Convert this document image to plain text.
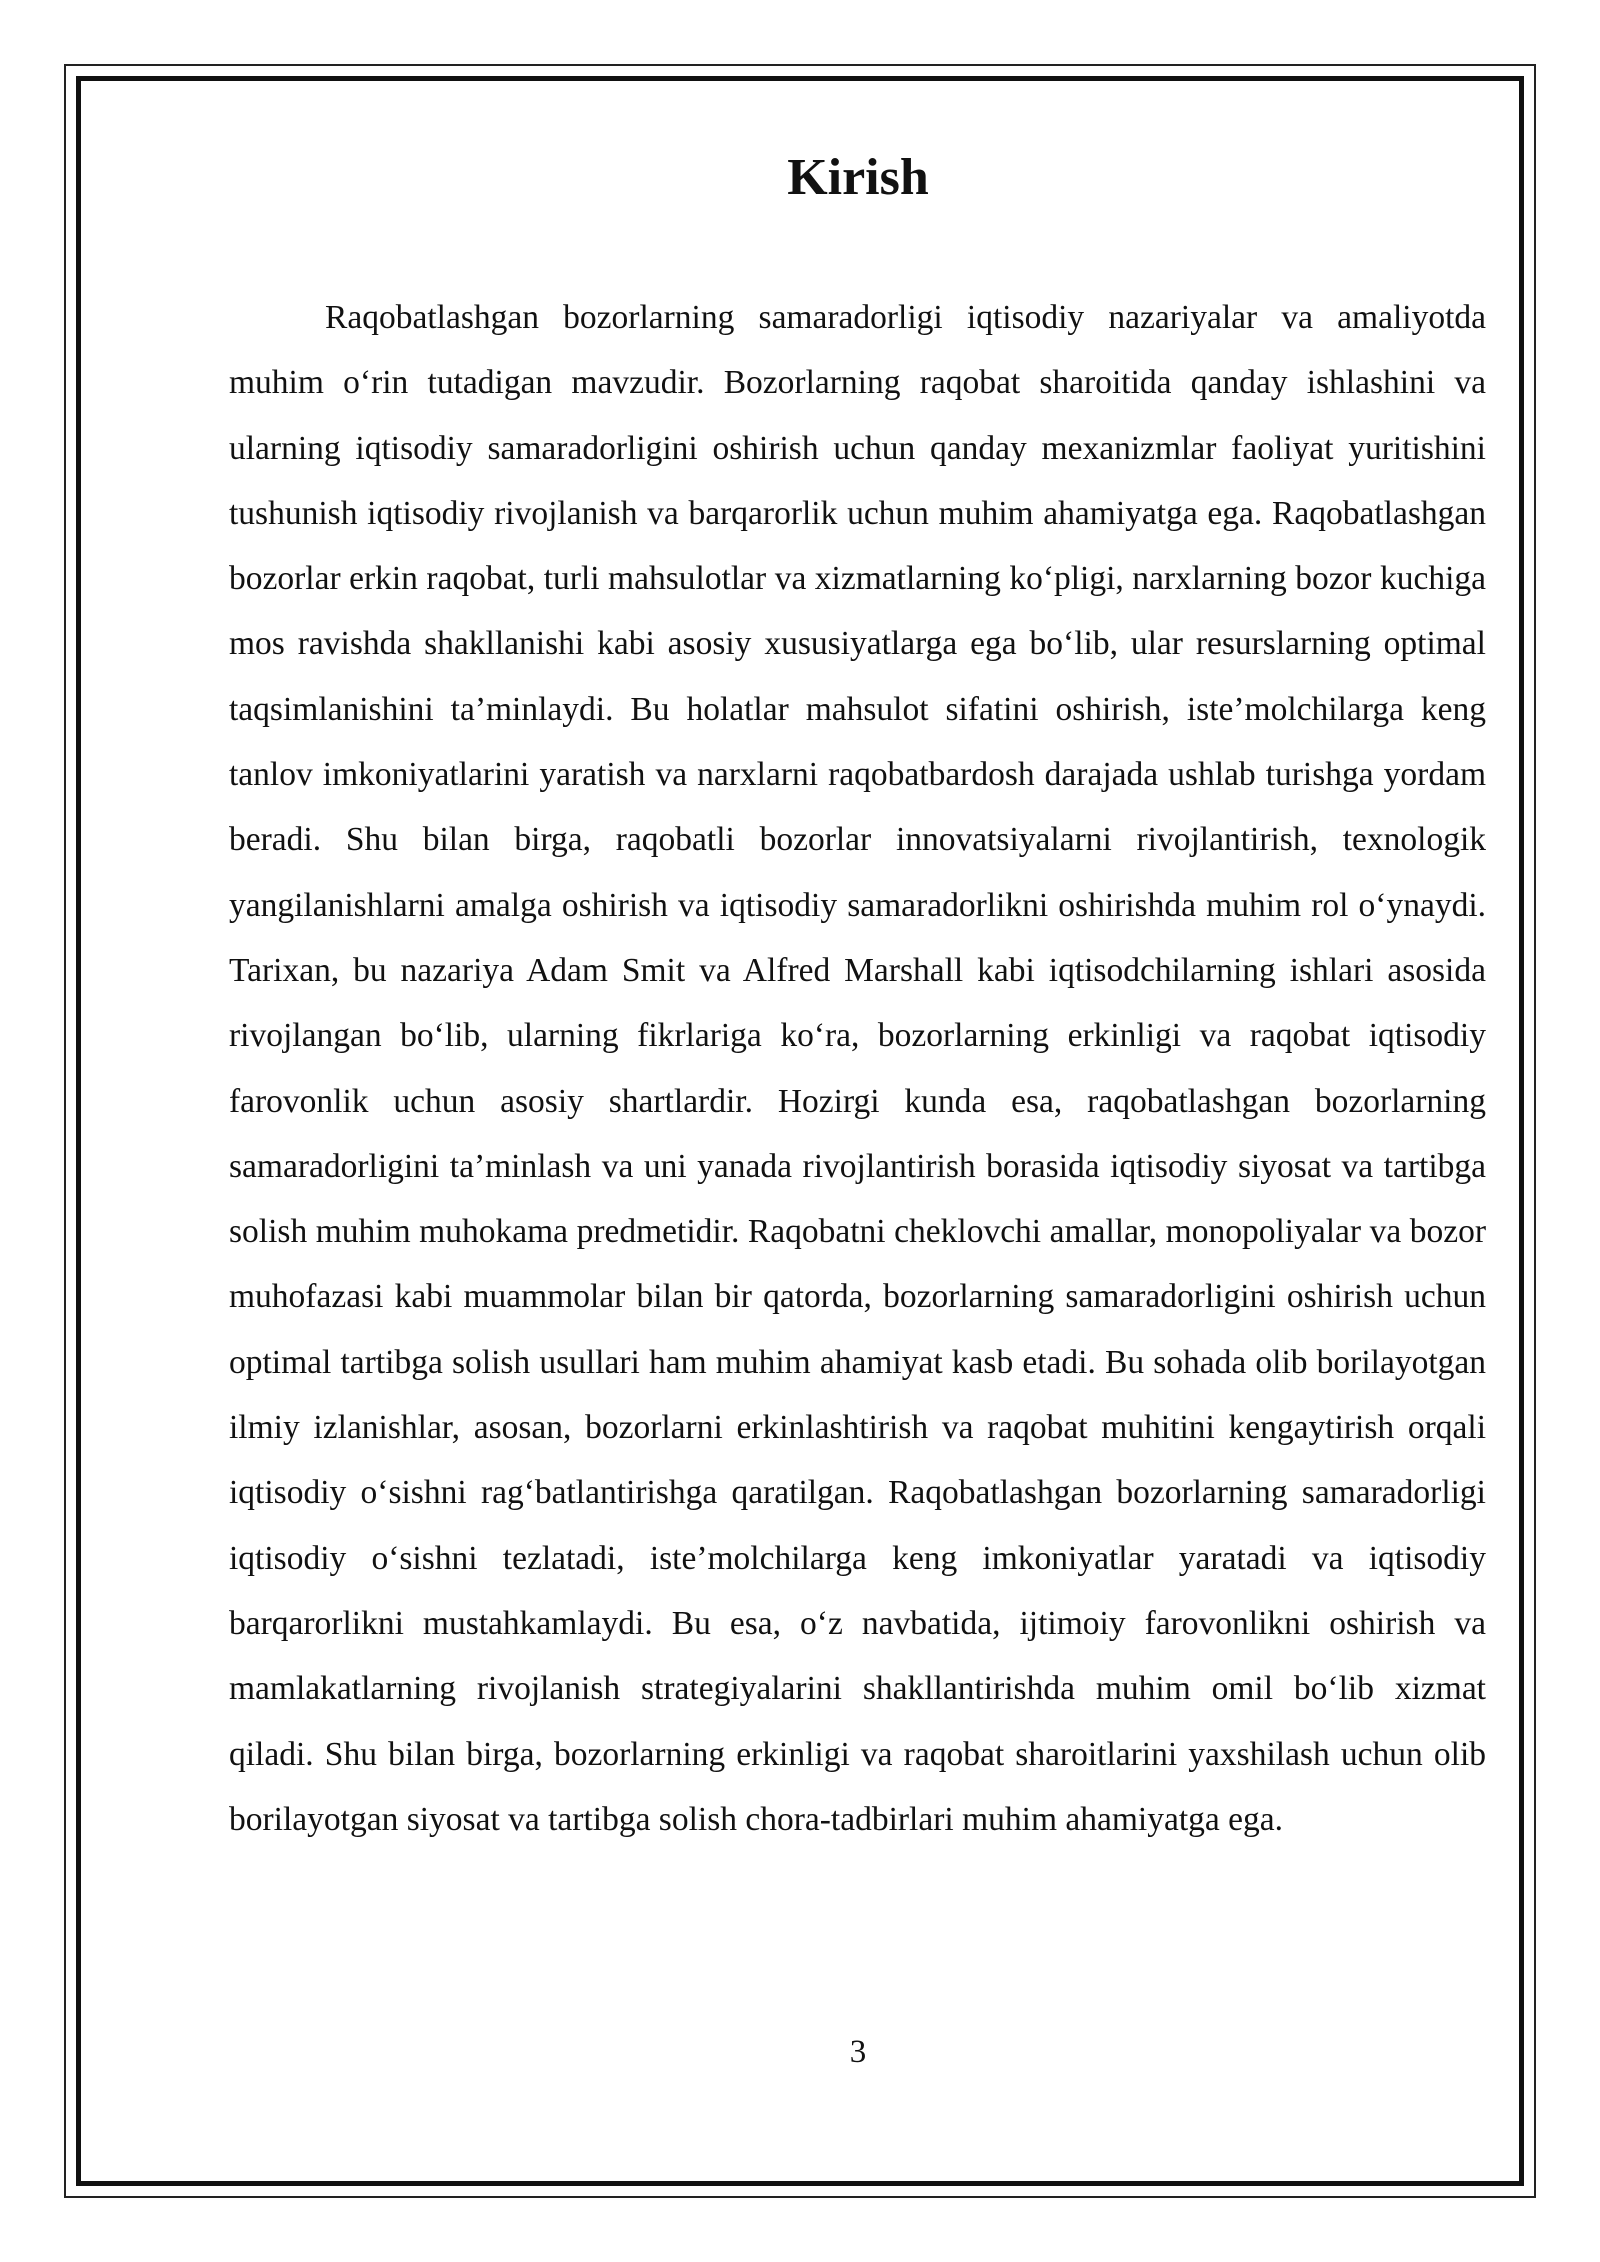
Kirish

Raqobatlashgan bozorlarning samaradorligi iqtisodiy nazariyalar va amaliyotda muhim o‘rin tutadigan mavzudir. Bozorlarning raqobat sharoitida qanday ishlashini va ularning iqtisodiy samaradorligini oshirish uchun qanday mexanizmlar faoliyat yuritishini tushunish iqtisodiy rivojlanish va barqarorlik uchun muhim ahamiyatga ega. Raqobatlashgan bozorlar erkin raqobat, turli mahsulotlar va xizmatlarning ko‘pligi, narxlarning bozor kuchiga mos ravishda shakllanishi kabi asosiy xususiyatlarga ega bo‘lib, ular resurslarning optimal taqsimlanishini ta’minlaydi. Bu holatlar mahsulot sifatini oshirish, iste’molchilarga keng tanlov imkoniyatlarini yaratish va narxlarni raqobatbardosh darajada ushlab turishga yordam beradi. Shu bilan birga, raqobatli bozorlar innovatsiyalarni rivojlantirish, texnologik yangilanishlarni amalga oshirish va iqtisodiy samaradorlikni oshirishda muhim rol o‘ynaydi. Tarixan, bu nazariya Adam Smit va Alfred Marshall kabi iqtisodchilarning ishlari asosida rivojlangan bo‘lib, ularning fikrlariga ko‘ra, bozorlarning erkinligi va raqobat iqtisodiy farovonlik uchun asosiy shartlardir. Hozirgi kunda esa, raqobatlashgan bozorlarning samaradorligini ta’minlash va uni yanada rivojlantirish borasida iqtisodiy siyosat va tartibga solish muhim muhokama predmetidir. Raqobatni cheklovchi amallar, monopoliyalar va bozor muhofazasi kabi muammolar bilan bir qatorda, bozorlarning samaradorligini oshirish uchun optimal tartibga solish usullari ham muhim ahamiyat kasb etadi. Bu sohada olib borilayotgan ilmiy izlanishlar, asosan, bozorlarni erkinlashtirish va raqobat muhitini kengaytirish orqali iqtisodiy o‘sishni rag‘batlantirishga qaratilgan. Raqobatlashgan bozorlarning samaradorligi iqtisodiy o‘sishni tezlatadi, iste’molchilarga keng imkoniyatlar yaratadi va iqtisodiy barqarorlikni mustahkamlaydi. Bu esa, o‘z navbatida, ijtimoiy farovonlikni oshirish va mamlakatlarning rivojlanish strategiyalarini shakllantirishda muhim omil bo‘lib xizmat qiladi. Shu bilan birga, bozorlarning erkinligi va raqobat sharoitlarini yaxshilash uchun olib borilayotgan siyosat va tartibga solish chora-tadbirlari muhim ahamiyatga ega.

3
